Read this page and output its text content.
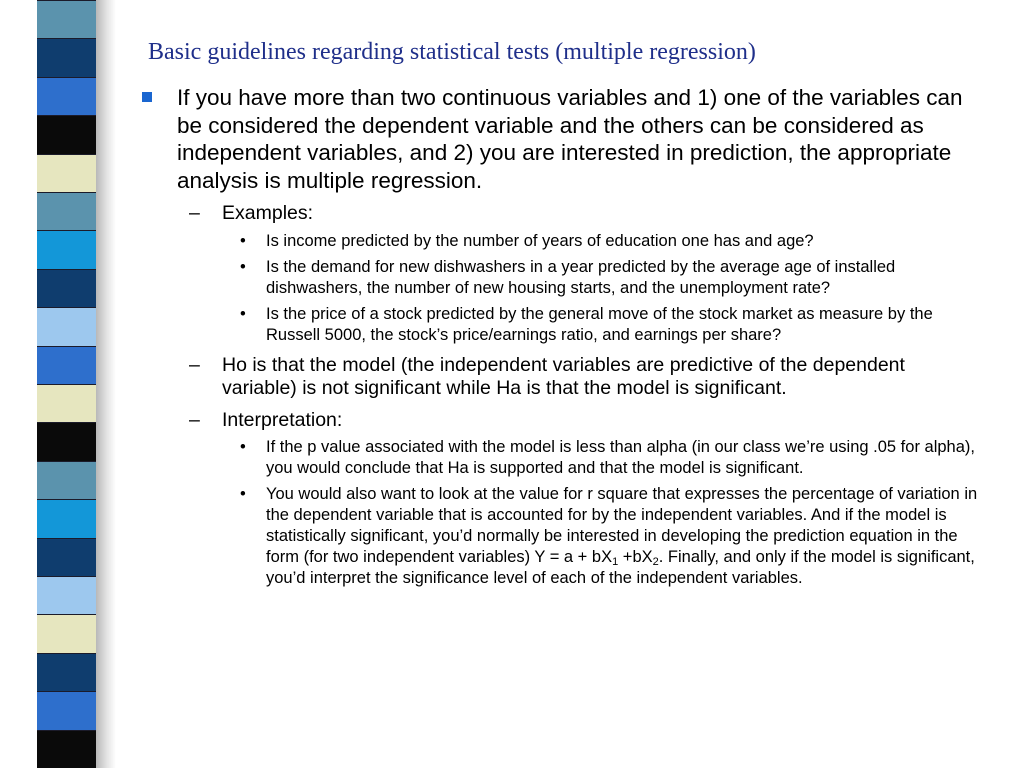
Basic guidelines regarding statistical tests (multiple regression)
If you have more than two continuous variables and 1) one of the variables can be considered the dependent variable and the others can be considered as independent variables, and 2) you are interested in prediction, the appropriate analysis is multiple regression.
– Examples:
• Is income predicted by the number of years of education one has and age?
• Is the demand for new dishwashers in a year predicted by the average age of installed dishwashers, the number of new housing starts, and the unemployment rate?
• Is the price of a stock predicted by the general move of the stock market as measure by the Russell 5000, the stock’s price/earnings ratio, and earnings per share?
– Ho is that the model (the independent variables are predictive of the dependent variable) is not significant while Ha is that the model is significant.
– Interpretation:
• If the p value associated with the model is less than alpha (in our class we’re using .05 for alpha), you would conclude that Ha is supported and that the model is significant.
• You would also want to look at the value for r square that expresses the percentage of variation in the dependent variable that is accounted for by the independent variables. And if the model is statistically significant, you’d normally be interested in developing the prediction equation in the form (for two independent variables) $Y = a + bX_1 +bX_2$. Finally, and only if the model is significant, you’d interpret the significance level of each of the independent variables.
